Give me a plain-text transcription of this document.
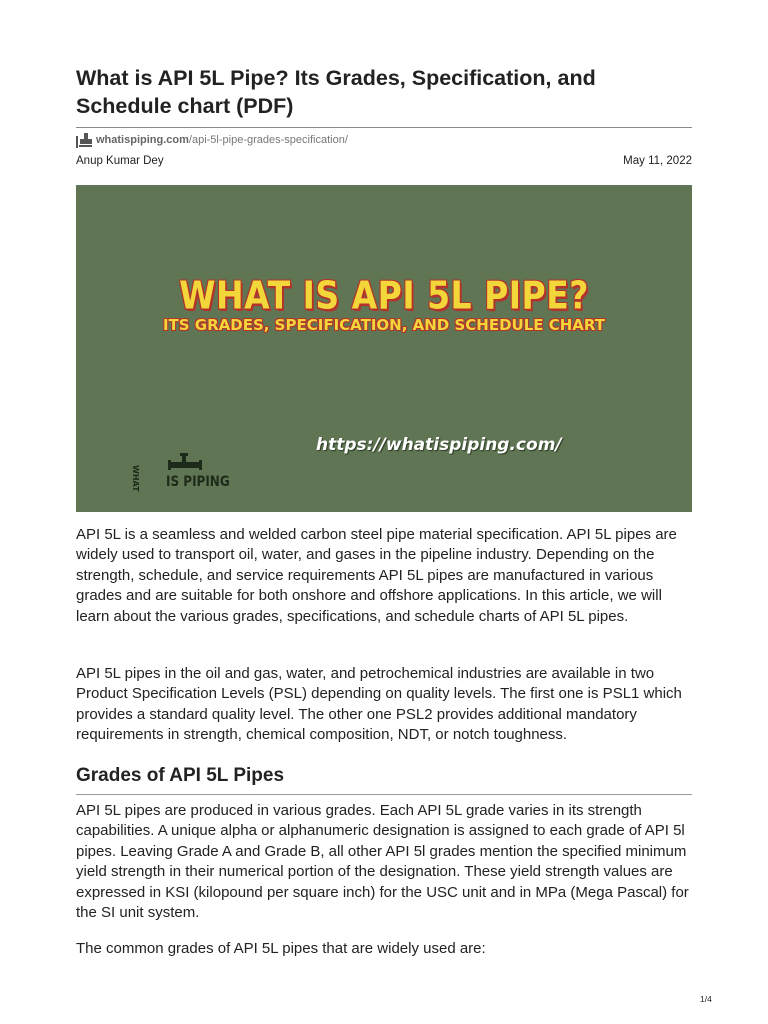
What is API 5L Pipe? Its Grades, Specification, and Schedule chart (PDF)
whatispiping.com/api-5l-pipe-grades-specification/
Anup Kumar Dey	May 11, 2022
WHAT IS API 5L PIPE?
ITS GRADES, SPECIFICATION, AND SCHEDULE CHART
https://whatispiping.com/
WHAT IS PIPING

API 5L is a seamless and welded carbon steel pipe material specification. API 5L pipes are widely used to transport oil, water, and gases in the pipeline industry. Depending on the strength, schedule, and service requirements API 5L pipes are manufactured in various grades and are suitable for both onshore and offshore applications. In this article, we will learn about the various grades, specifications, and schedule charts of API 5L pipes.

API 5L pipes in the oil and gas, water, and petrochemical industries are available in two Product Specification Levels (PSL) depending on quality levels. The first one is PSL1 which provides a standard quality level. The other one PSL2 provides additional mandatory requirements in strength, chemical composition, NDT, or notch toughness.

Grades of API 5L Pipes

API 5L pipes are produced in various grades. Each API 5L grade varies in its strength capabilities. A unique alpha or alphanumeric designation is assigned to each grade of API 5l pipes. Leaving Grade A and Grade B, all other API 5l grades mention the specified minimum yield strength in their numerical portion of the designation. These yield strength values are expressed in KSI (kilopound per square inch) for the USC unit and in MPa (Mega Pascal) for the SI unit system.

The common grades of API 5L pipes that are widely used are:

1/4
